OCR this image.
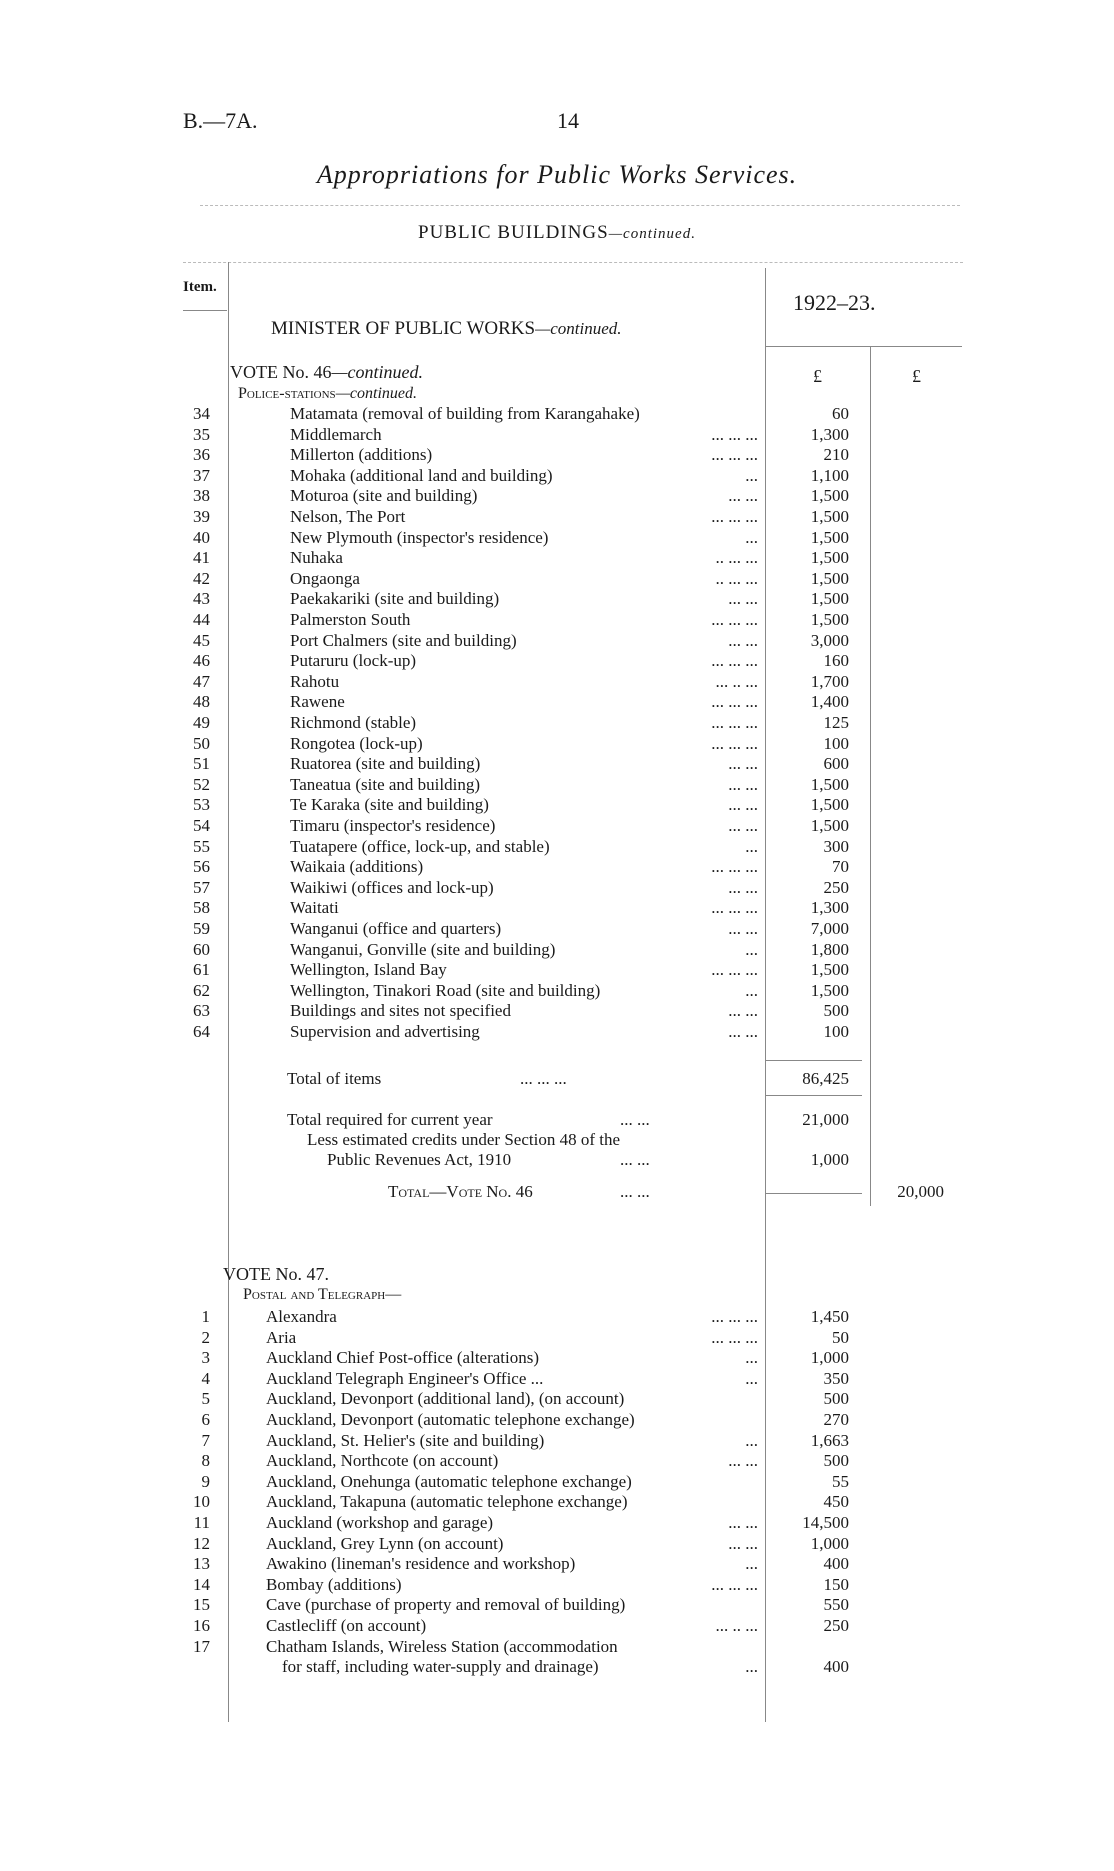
B.—7A.	14
Appropriations for Public Works Services.
PUBLIC BUILDINGS—continued.
Item.
1922–23.
MINISTER OF PUBLIC WORKS—continued.
£	£
VOTE No. 46—continued.
Police-stations—continued.
34	Matamata (removal of building from Karangahake)	60
35	Middlemarch	... ... ...	1,300
36	Millerton (additions)	... ... ...	210
37	Mohaka (additional land and building)	...	1,100
38	Moturoa (site and building)	... ...	1,500
39	Nelson, The Port	... ... ...	1,500
40	New Plymouth (inspector's residence)	...	1,500
41	Nuhaka	.. ... ...	1,500
42	Ongaonga	.. ... ...	1,500
43	Paekakariki (site and building)	... ...	1,500
44	Palmerston South	... ... ...	1,500
45	Port Chalmers (site and building)	... ...	3,000
46	Putaruru (lock-up)	... ... ...	160
47	Rahotu	... .. ...	1,700
48	Rawene	... ... ...	1,400
49	Richmond (stable)	... ... ...	125
50	Rongotea (lock-up)	... ... ...	100
51	Ruatorea (site and building)	... ...	600
52	Taneatua (site and building)	... ...	1,500
53	Te Karaka (site and building)	... ...	1,500
54	Timaru (inspector's residence)	... ...	1,500
55	Tuatapere (office, lock-up, and stable)	...	300
56	Waikaia (additions)	... ... ...	70
57	Waikiwi (offices and lock-up)	... ...	250
58	Waitati	... ... ...	1,300
59	Wanganui (office and quarters)	... ...	7,000
60	Wanganui, Gonville (site and building)	...	1,800
61	Wellington, Island Bay	... ... ...	1,500
62	Wellington, Tinakori Road (site and building)	...	1,500
63	Buildings and sites not specified	... ...	500
64	Supervision and advertising	... ...	100
Total of items	... ... ...	86,425
Total required for current year	... ...	21,000
Less estimated credits under Section 48 of the
Public Revenues Act, 1910	... ...	1,000
Total—Vote No. 46	... ...	20,000
VOTE No. 47.
Postal and Telegraph—
1	Alexandra	... ... ...	1,450
2	Aria	... ... ...	50
3	Auckland Chief Post-office (alterations)	...	1,000
4	Auckland Telegraph Engineer's Office ...	...	350
5	Auckland, Devonport (additional land), (on account)	500
6	Auckland, Devonport (automatic telephone exchange)	270
7	Auckland, St. Helier's (site and building)	...	1,663
8	Auckland, Northcote (on account)	... ...	500
9	Auckland, Onehunga (automatic telephone exchange)	55
10	Auckland, Takapuna (automatic telephone exchange)	450
11	Auckland (workshop and garage)	... ...	14,500
12	Auckland, Grey Lynn (on account)	... ...	1,000
13	Awakino (lineman's residence and workshop)	...	400
14	Bombay (additions)	... ... ...	150
15	Cave (purchase of property and removal of building)	550
16	Castlecliff (on account)	... .. ...	250
17	Chatham Islands, Wireless Station (accommodation
for staff, including water-supply and drainage)	...	400
